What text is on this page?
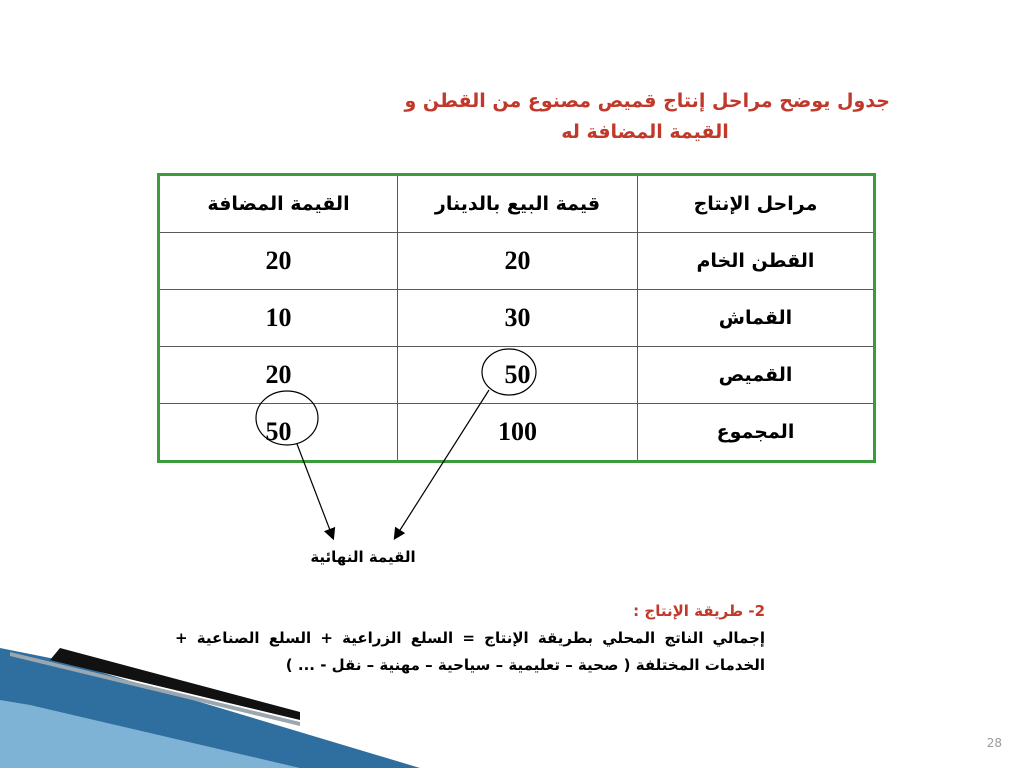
جدول يوضح مراحل إنتاج قميص مصنوع من القطن و
القيمة المضافة له
مراحل الإنتاج	قيمة البيع بالدينار	القيمة المضافة
القطن الخام	20	20
القماش	30	10
القميص	50	20
المجموع	100	50
القيمة النهائية
2- طريقة الإنتاج :
إجمالي الناتج المحلي بطريقة الإنتاج = السلع الزراعية + السلع الصناعية + الخدمات المختلفة ( صحية – تعليمية – سياحية – مهنية – نقل - ... )
28
